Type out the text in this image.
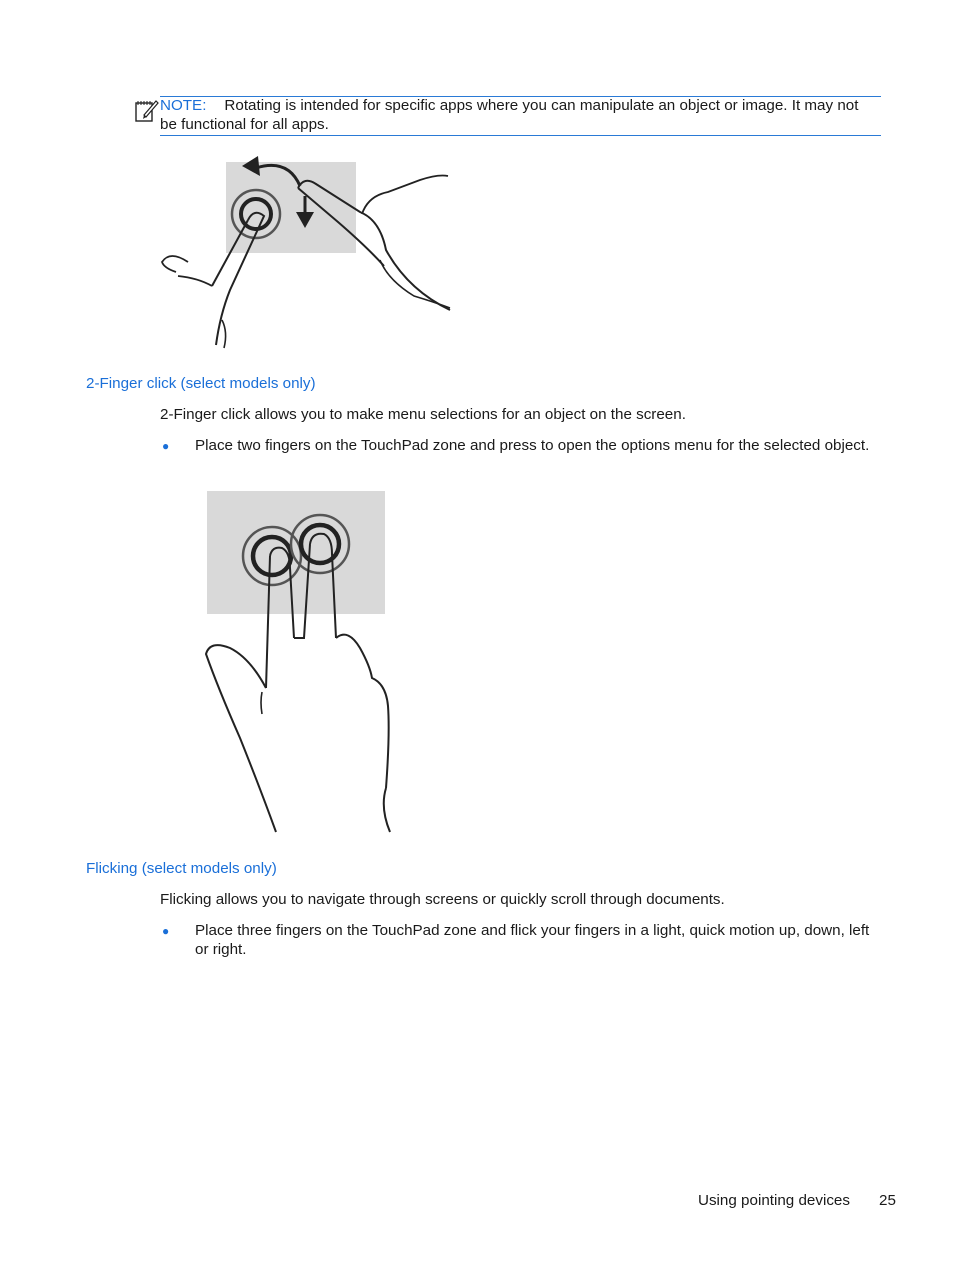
NOTE: Rotating is intended for specific apps where you can manipulate an object or image. It may not be functional for all apps.
2-Finger click (select models only)
2-Finger click allows you to make menu selections for an object on the screen.
● Place two fingers on the TouchPad zone and press to open the options menu for the selected object.
Flicking (select models only)
Flicking allows you to navigate through screens or quickly scroll through documents.
● Place three fingers on the TouchPad zone and flick your fingers in a light, quick motion up, down, left or right.
Using pointing devices 25
